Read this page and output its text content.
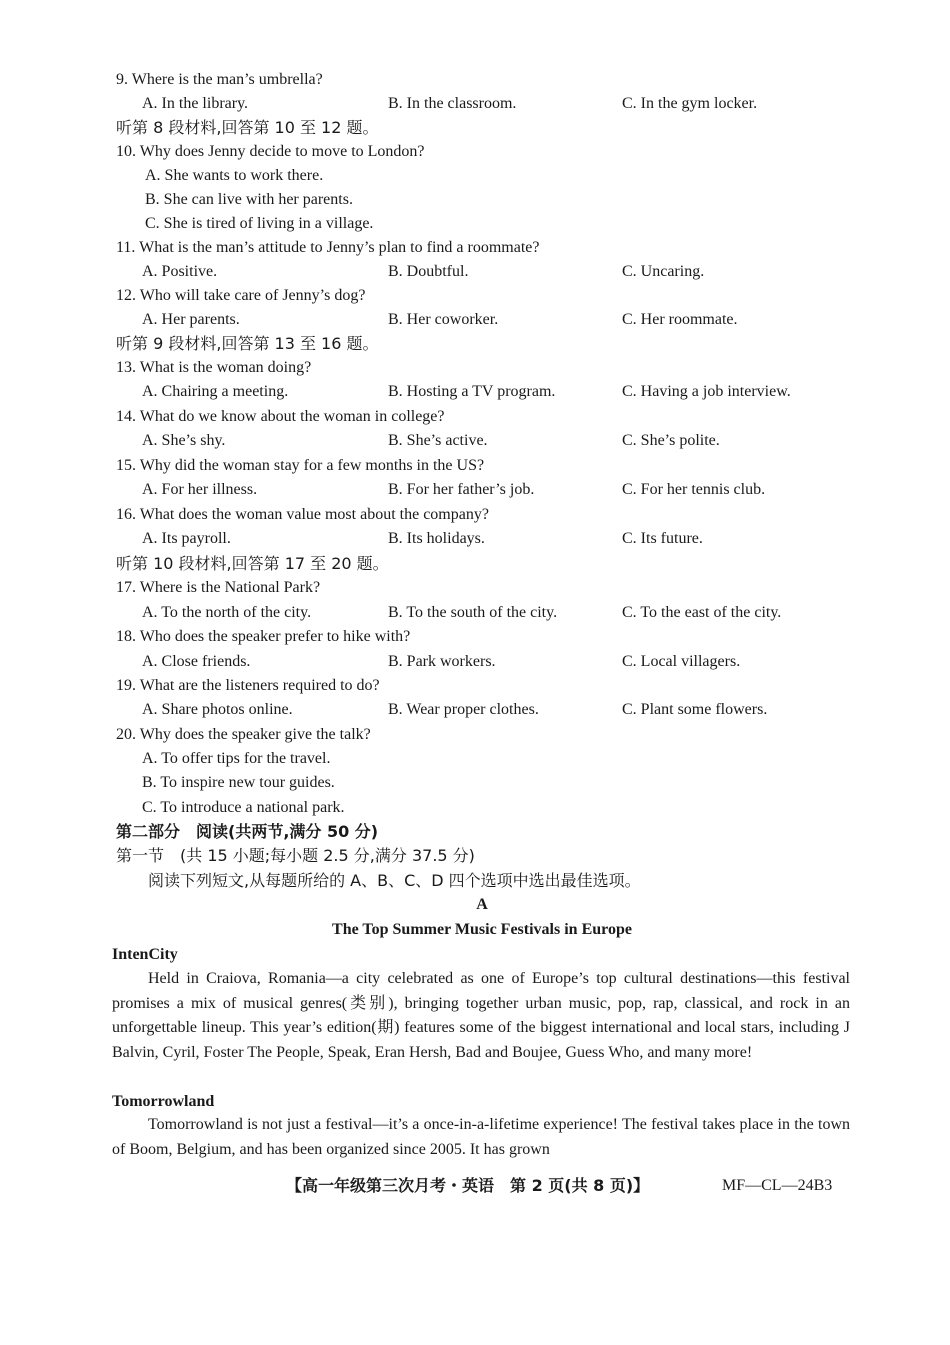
9. Where is the man’s umbrella?
A. In the library.	B. In the classroom.	C. In the gym locker.
听第 8 段材料,回答第 10 至 12 题。
10. Why does Jenny decide to move to London?
A. She wants to work there.
B. She can live with her parents.
C. She is tired of living in a village.
11. What is the man’s attitude to Jenny’s plan to find a roommate?
A. Positive.	B. Doubtful.	C. Uncaring.
12. Who will take care of Jenny’s dog?
A. Her parents.	B. Her coworker.	C. Her roommate.
听第 9 段材料,回答第 13 至 16 题。
13. What is the woman doing?
A. Chairing a meeting.	B. Hosting a TV program.	C. Having a job interview.
14. What do we know about the woman in college?
A. She’s shy.	B. She’s active.	C. She’s polite.
15. Why did the woman stay for a few months in the US?
A. For her illness.	B. For her father’s job.	C. For her tennis club.
16. What does the woman value most about the company?
A. Its payroll.	B. Its holidays.	C. Its future.
听第 10 段材料,回答第 17 至 20 题。
17. Where is the National Park?
A. To the north of the city.	B. To the south of the city.	C. To the east of the city.
18. Who does the speaker prefer to hike with?
A. Close friends.	B. Park workers.	C. Local villagers.
19. What are the listeners required to do?
A. Share photos online.	B. Wear proper clothes.	C. Plant some flowers.
20. Why does the speaker give the talk?
A. To offer tips for the travel.
B. To inspire new tour guides.
C. To introduce a national park.
第二部分　阅读(共两节,满分 50 分)
第一节　(共 15 小题;每小题 2.5 分,满分 37.5 分)
阅读下列短文,从每题所给的 A、B、C、D 四个选项中选出最佳选项。
A
The Top Summer Music Festivals in Europe
IntenCity

Held in Craiova, Romania—a city celebrated as one of Europe’s top cultural destinations—this festival promises a mix of musical genres(类别), bringing together urban music, pop, rap, classical, and rock in an unforgettable lineup. This year’s edition(期) features some of the biggest international and local stars, including J Balvin, Cyril, Foster The People, Speak, Eran Hersh, Bad and Boujee, Guess Who, and many more!

Tomorrowland

Tomorrowland is not just a festival—it’s a once-in-a-lifetime experience! The festival takes place in the town of Boom, Belgium, and has been organized since 2005. It has grown

【高一年级第三次月考・英语　第 2 页(共 8 页)】	MF—CL—24B3
